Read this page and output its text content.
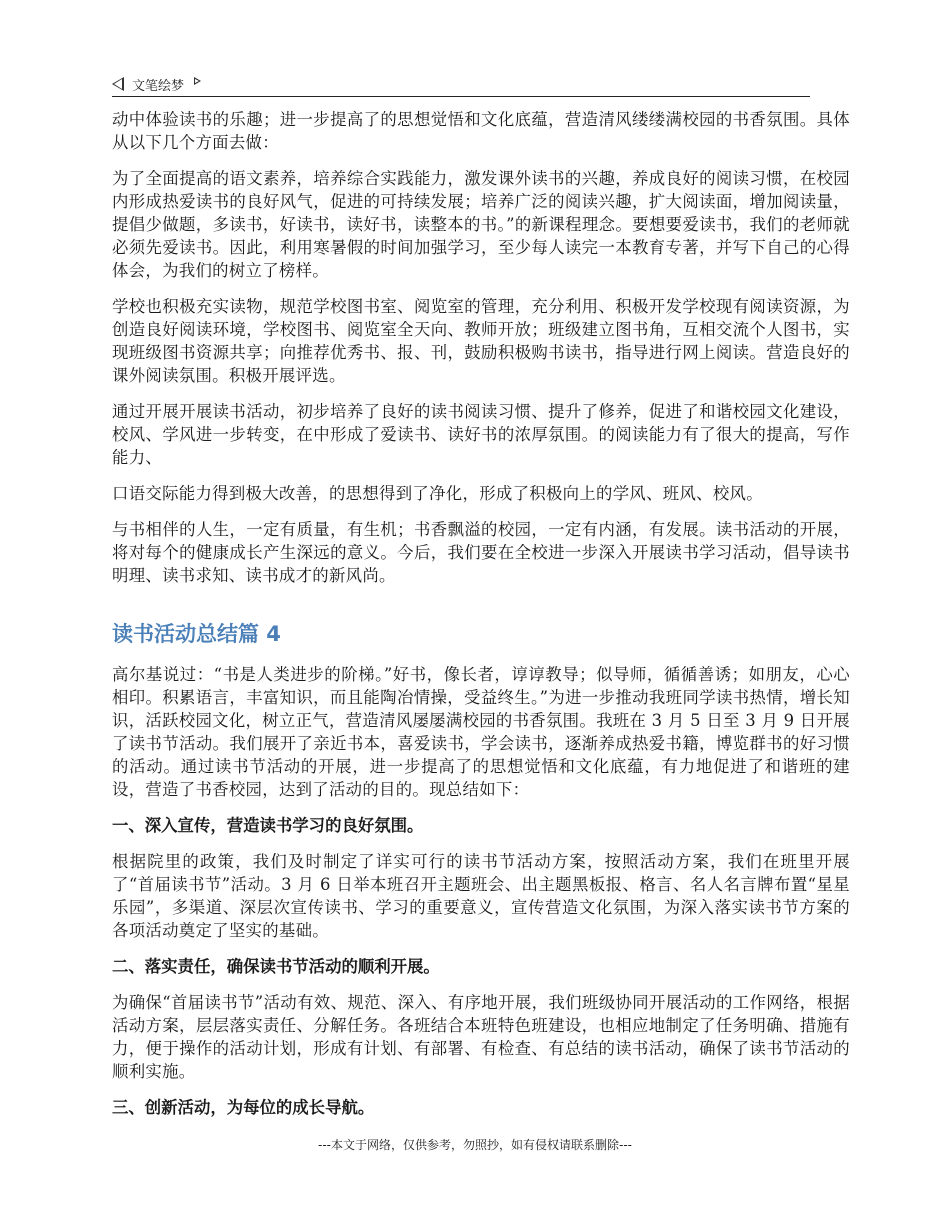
文笔绘梦

动中体验读书的乐趣；进一步提高了的思想觉悟和文化底蕴，营造清风缕缕满校园的书香氛围。具体从以下几个方面去做：

为了全面提高的语文素养，培养综合实践能力，激发课外读书的兴趣，养成良好的阅读习惯，在校园内形成热爱读书的良好风气，促进的可持续发展；培养广泛的阅读兴趣，扩大阅读面，增加阅读量，提倡少做题，多读书，好读书，读好书，读整本的书。”的新课程理念。要想要爱读书，我们的老师就必须先爱读书。因此，利用寒暑假的时间加强学习，至少每人读完一本教育专著，并写下自己的心得体会，为我们的树立了榜样。

学校也积极充实读物，规范学校图书室、阅览室的管理，充分利用、积极开发学校现有阅读资源，为创造良好阅读环境，学校图书、阅览室全天向、教师开放；班级建立图书角，互相交流个人图书，实现班级图书资源共享；向推荐优秀书、报、刊，鼓励积极购书读书，指导进行网上阅读。营造良好的课外阅读氛围。积极开展评选。

通过开展开展读书活动，初步培养了良好的读书阅读习惯、提升了修养，促进了和谐校园文化建设，校风、学风进一步转变，在中形成了爱读书、读好书的浓厚氛围。的阅读能力有了很大的提高，写作能力、

口语交际能力得到极大改善，的思想得到了净化，形成了积极向上的学风、班风、校风。

与书相伴的人生，一定有质量，有生机；书香飘溢的校园，一定有内涵，有发展。读书活动的开展，将对每个的健康成长产生深远的意义。今后，我们要在全校进一步深入开展读书学习活动，倡导读书明理、读书求知、读书成才的新风尚。

读书活动总结篇 4

高尔基说过：“书是人类进步的阶梯。”好书，像长者，谆谆教导；似导师，循循善诱；如朋友，心心相印。积累语言，丰富知识，而且能陶冶情操，受益终生。”为进一步推动我班同学读书热情，增长知识，活跃校园文化，树立正气，营造清风屡屡满校园的书香氛围。我班在 3 月 5 日至 3 月 9 日开展了读书节活动。我们展开了亲近书本，喜爱读书，学会读书，逐渐养成热爱书籍，博览群书的好习惯的活动。通过读书节活动的开展，进一步提高了的思想觉悟和文化底蕴，有力地促进了和谐班的建设，营造了书香校园，达到了活动的目的。现总结如下：

一、深入宣传，营造读书学习的良好氛围。

根据院里的政策，我们及时制定了详实可行的读书节活动方案，按照活动方案，我们在班里开展了“首届读书节”活动。3 月 6 日举本班召开主题班会、出主题黑板报、格言、名人名言牌布置“星星乐园”，多渠道、深层次宣传读书、学习的重要意义，宣传营造文化氛围，为深入落实读书节方案的各项活动奠定了坚实的基础。

二、落实责任，确保读书节活动的顺利开展。

为确保“首届读书节”活动有效、规范、深入、有序地开展，我们班级协同开展活动的工作网络，根据活动方案，层层落实责任、分解任务。各班结合本班特色班建设，也相应地制定了任务明确、措施有力，便于操作的活动计划，形成有计划、有部署、有检查、有总结的读书活动，确保了读书节活动的顺利实施。

三、创新活动，为每位的成长导航。
---本文于网络，仅供参考，勿照抄，如有侵权请联系删除---
